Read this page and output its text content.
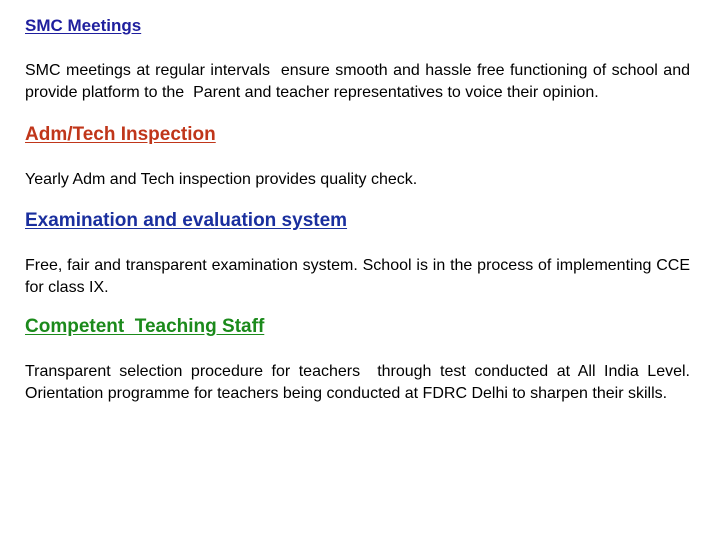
SMC Meetings

SMC meetings at regular intervals  ensure smooth and hassle free functioning of school and provide platform to the  Parent and teacher representatives to voice their opinion.

Adm/Tech Inspection

Yearly Adm and Tech inspection provides quality check.

Examination and evaluation system

Free, fair and transparent examination system. School is in the process of implementing CCE for class IX.

Competent  Teaching Staff

Transparent selection procedure for teachers  through test conducted at All India Level. Orientation programme for teachers being conducted at FDRC Delhi to sharpen their skills.
